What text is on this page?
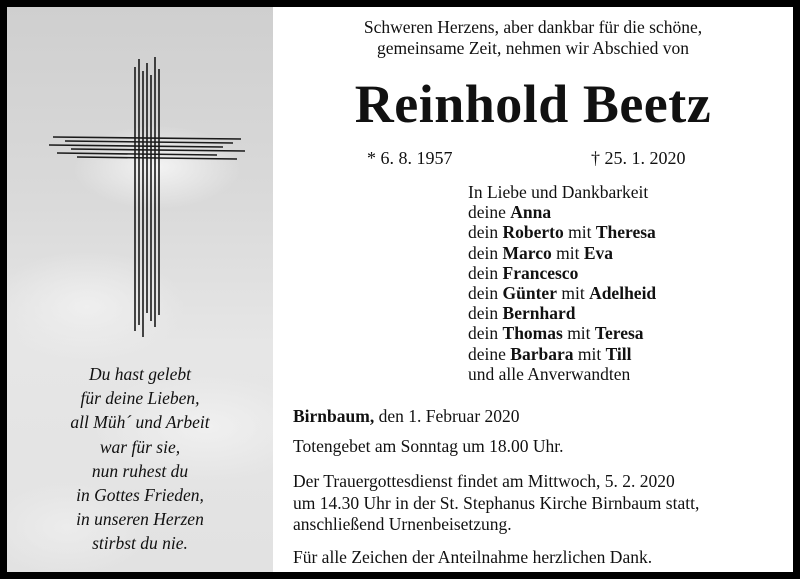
Du hast gelebt
für deine Lieben,
all Müh´ und Arbeit
war für sie,
nun ruhest du
in Gottes Frieden,
in unseren Herzen
stirbst du nie.
Schweren Herzens, aber dankbar für die schöne,
gemeinsame Zeit, nehmen wir Abschied von
Reinhold Beetz
* 6. 8. 1957	† 25. 1. 2020
In Liebe und Dankbarkeit
deine Anna
dein Roberto mit Theresa
dein Marco mit Eva
dein Francesco
dein Günter mit Adelheid
dein Bernhard
dein Thomas mit Teresa
deine Barbara mit Till
und alle Anverwandten
Birnbaum, den 1. Februar 2020
Totengebet am Sonntag um 18.00 Uhr.
Der Trauergottesdienst findet am Mittwoch, 5. 2. 2020
um 14.30 Uhr in der St. Stephanus Kirche Birnbaum statt,
anschließend Urnenbeisetzung.
Für alle Zeichen der Anteilnahme herzlichen Dank.
